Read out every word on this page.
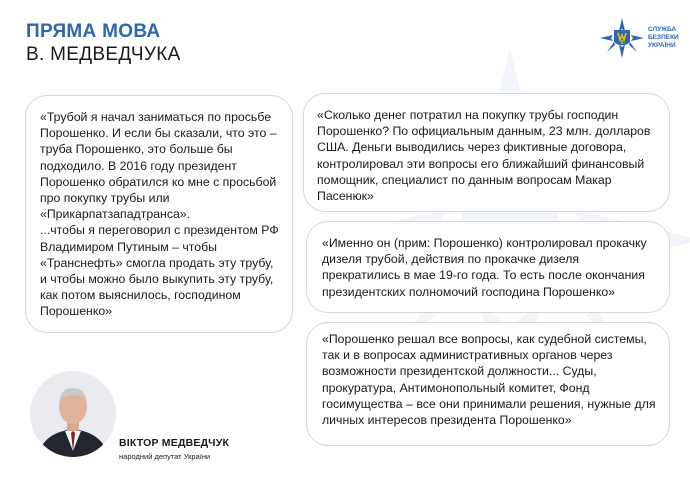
ПРЯМА МОВА
В. МЕДВЕДЧУКА
СЛУЖБА
БЕЗПЕКИ
УКРАЇНИ

«Трубой я начал заниматься по просьбе Порошенко. И если бы сказали, что это – труба Порошенко, это больше бы подходило. В 2016 году президент Порошенко обратился ко мне с просьбой про покупку трубы или «Прикарпатзападтранса».

...чтобы я переговорил с президентом РФ Владимиром Путиным – чтобы «Транснефть» смогла продать эту трубу, и чтобы можно было выкупить эту трубу, как потом выяснилось, господином Порошенко»

«Сколько денег потратил на покупку трубы господин Порошенко? По официальным данным, 23 млн. долларов США. Деньги выводились через фиктивные договора, контролировал эти вопросы его ближайший финансовый помощник, специалист по данным вопросам Макар Пасенюк»

«Именно он (прим: Порошенко) контролировал прокачку дизеля трубой, действия по прокачке дизеля прекратились в мае 19-го года. То есть после окончания президентских полномочий господина Порошенко»

«Порошенко решал все вопросы, как судебной системы, так и в вопросах административных органов через возможности президентской должности... Суды, прокуратура, Антимонопольный комитет, Фонд госимущества – все они принимали решения, нужные для личных интересов президента Порошенко»

ВІКТОР МЕДВЕДЧУК
народний депутат України
